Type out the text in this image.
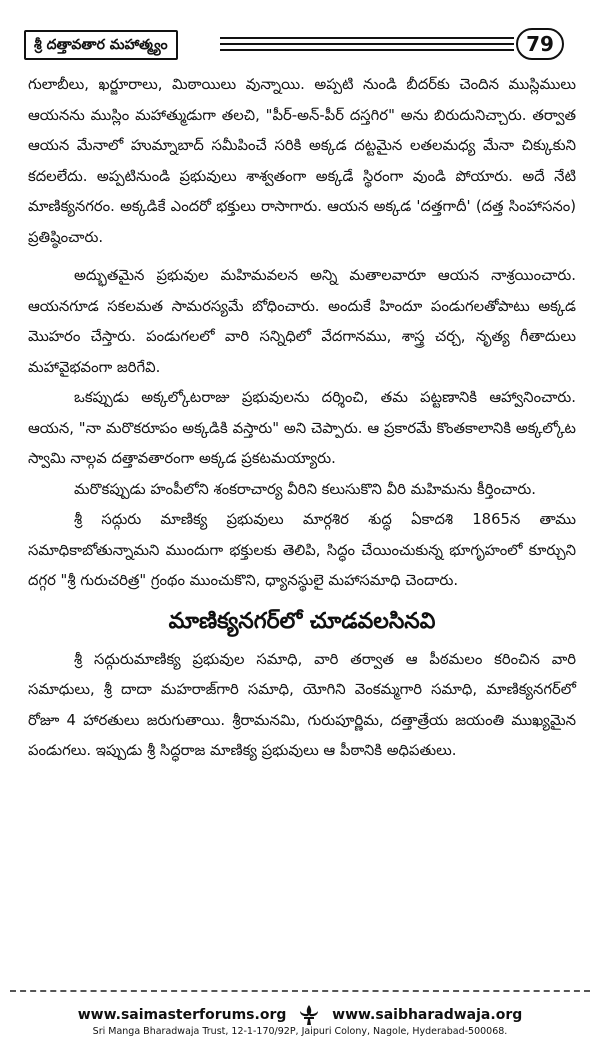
శ్రీ దత్తావతార మహాత్మ్యం	79

గులాబీలు, ఖర్జూరాలు, మిఠాయిలు వున్నాయి. అప్పటి నుండి బీదర్‌కు చెందిన ముస్లిములు ఆయనను ముస్లిం మహాత్ముడుగా తలచి, "పీర్-అన్-పీర్ దస్తగిర" అను బిరుదునిచ్చారు. తర్వాత ఆయన మేనాలో హుమ్నాబాద్ సమీపించే సరికి అక్కడ దట్టమైన లతలమధ్య మేనా చిక్కుకుని కదలలేదు. అప్పటినుండి ప్రభువులు శాశ్వతంగా అక్కడే స్థిరంగా వుండి పోయారు. అదే నేటి మాణిక్యనగరం. అక్కడికే ఎందరో భక్తులు రాసాగారు. ఆయన అక్కడ 'దత్తగాదీ' (దత్త సింహాసనం) ప్రతిష్ఠించారు.

అద్భుతమైన ప్రభువుల మహిమవలన అన్ని మతాలవారూ ఆయన నాశ్రయించారు. ఆయనగూడ సకలమత సామరస్యమే బోధించారు. అందుకే హిందూ పండుగలతోపాటు అక్కడ మొహరం చేస్తారు. పండుగలలో వారి సన్నిధిలో వేదగానము, శాస్త్ర చర్చ, నృత్య గీతాదులు మహావైభవంగా జరిగేవి.

ఒకప్పుడు అక్కల్కోటరాజు ప్రభువులను దర్శించి, తమ పట్టణానికి ఆహ్వానించారు. ఆయన, "నా మరొకరూపం అక్కడికి వస్తారు" అని చెప్పారు. ఆ ప్రకారమే కొంతకాలానికి అక్కల్కోట స్వామి నాల్గవ దత్తావతారంగా అక్కడ ప్రకటమయ్యారు.

మరొకప్పుడు హంపీలోని శంకరాచార్య వీరిని కలుసుకొని వీరి మహిమను కీర్తించారు.

శ్రీ సద్గురు మాణిక్య ప్రభువులు మార్గశిర శుద్ధ ఏకాదశి 1865న తాము సమాధికాబోతున్నామని ముందుగా భక్తులకు తెలిపి, సిద్ధం చేయించుకున్న భూగృహంలో కూర్చుని దగ్గర "శ్రీ గురుచరిత్ర" గ్రంథం ముంచుకొని, ధ్యానస్థులై మహాసమాధి చెందారు.

మాణిక్యనగర్‌లో చూడవలసినవి

శ్రీ సద్గురుమాణిక్య ప్రభువుల సమాధి, వారి తర్వాత ఆ పీఠమలం కరించిన వారి సమాధులు, శ్రీ దాదా మహరాజ్‌గారి సమాధి, యోగిని వెంకమ్మగారి సమాధి, మాణిక్యనగర్‌లో రోజూ 4 హారతులు జరుగుతాయి. శ్రీరామనమి, గురుపూర్ణిమ, దత్తాత్రేయ జయంతి ముఖ్యమైన పండుగలు. ఇప్పుడు శ్రీ సిద్ధరాజ మాణిక్య ప్రభువులు ఆ పీఠానికి అధిపతులు.

www.saimasterforums.org	www.saibharadwaja.org
Sri Manga Bharadwaja Trust, 12-1-170/92P, Jaipuri Colony, Nagole, Hyderabad-500068.
